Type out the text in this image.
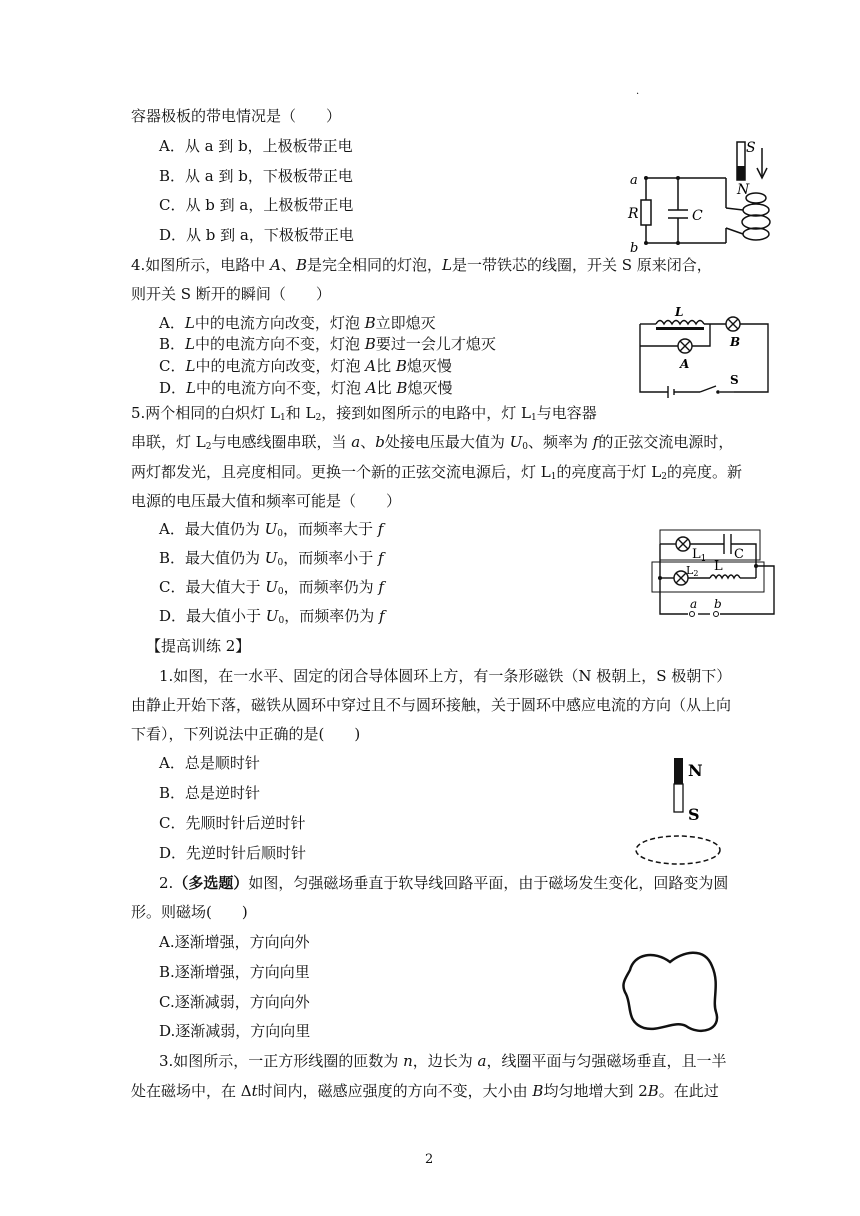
.
容器极板的带电情况是（　　）
A．从 a 到 b，上极板带正电
B．从 a 到 b，下极板带正电
C．从 b 到 a，上极板带正电
D．从 b 到 a，下极板带正电
a
b
R	C
S
N
4.如图所示，电路中 A、B是完全相同的灯泡，L是一带铁芯的线圈，开关 S 原来闭合，
则开关 S 断开的瞬间（　　）
A．L中的电流方向改变，灯泡 B立即熄灭
B．L中的电流方向不变，灯泡 B要过一会儿才熄灭
C．L中的电流方向改变，灯泡 A比 B熄灭慢
D．L中的电流方向不变，灯泡 A比 B熄灭慢
L
A
B
S
5.两个相同的白炽灯 $L_1$和 $L_2$，接到如图所示的电路中，灯 $L_1$与电容器
串联，灯 $L_2$与电感线圈串联，当 a、b处接电压最大值为 $U_0$、频率为 f的正弦交流电源时，
两灯都发光，且亮度相同。更换一个新的正弦交流电源后，灯 $L_1$的亮度高于灯 $L_2$的亮度。新
电源的电压最大值和频率可能是（　　）
A．最大值仍为 $U_0$，而频率大于 f
B．最大值仍为 $U_0$，而频率小于 f
C．最大值大于 $U_0$，而频率仍为 f
D．最大值小于 $U_0$，而频率仍为 f
$L_1$ C
L2 L
a b
【提高训练 2】
1.如图，在一水平、固定的闭合导体圆环上方，有一条形磁铁（N 极朝上，S 极朝下）
由静止开始下落，磁铁从圆环中穿过且不与圆环接触，关于圆环中感应电流的方向（从上向
下看），下列说法中正确的是(　　)
A．总是顺时针
B．总是逆时针
C．先顺时针后逆时针
D．先逆时针后顺时针
N
S
2.（多选题）如图，匀强磁场垂直于软导线回路平面，由于磁场发生变化，回路变为圆
形。则磁场(　　)
A.逐渐增强，方向向外
B.逐渐增强，方向向里
C.逐渐减弱，方向向外
D.逐渐减弱，方向向里
3.如图所示，一正方形线圈的匝数为 n，边长为 a，线圈平面与匀强磁场垂直，且一半
处在磁场中，在 Δt时间内，磁感应强度的方向不变，大小由 B均匀地增大到 2B。在此过
2
